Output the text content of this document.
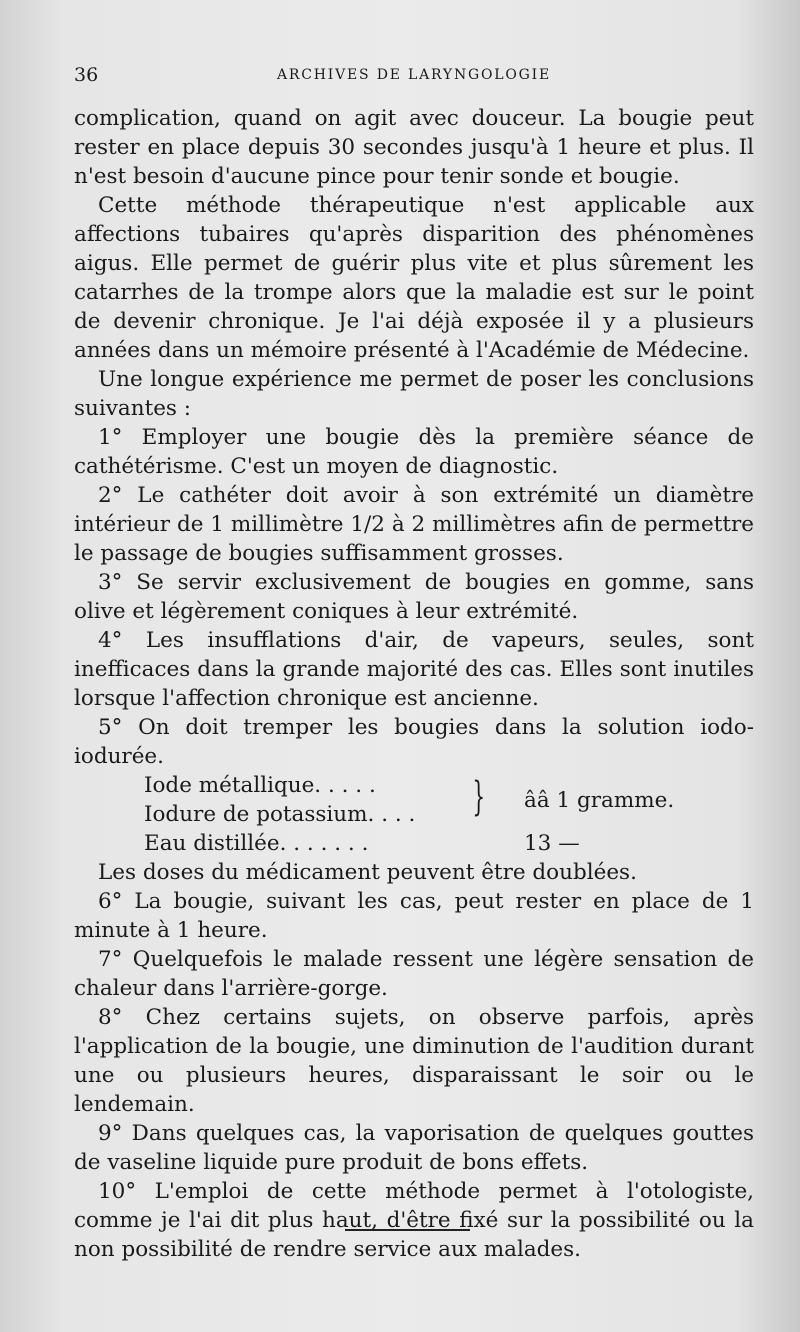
36	ARCHIVES DE LARYNGOLOGIE

complication, quand on agit avec douceur. La bougie peut rester en place depuis 30 secondes jusqu'à 1 heure et plus. Il n'est besoin d'aucune pince pour tenir sonde et bougie.

Cette méthode thérapeutique n'est applicable aux affections tubaires qu'après disparition des phénomènes aigus. Elle permet de guérir plus vite et plus sûrement les catarrhes de la trompe alors que la maladie est sur le point de devenir chronique. Je l'ai déjà exposée il y a plusieurs années dans un mémoire présenté à l'Académie de Médecine.

Une longue expérience me permet de poser les conclusions suivantes :

1° Employer une bougie dès la première séance de cathétérisme. C'est un moyen de diagnostic.

2° Le cathéter doit avoir à son extrémité un diamètre intérieur de 1 millimètre 1/2 à 2 millimètres afin de permettre le passage de bougies suffisamment grosses.

3° Se servir exclusivement de bougies en gomme, sans olive et légèrement coniques à leur extrémité.

4° Les insufflations d'air, de vapeurs, seules, sont inefficaces dans la grande majorité des cas. Elles sont inutiles lorsque l'affection chronique est ancienne.

5° On doit tremper les bougies dans la solution iodo-iodurée.

Iode métallique. . . . .
Iodure de potassium. . . . } ââ 1 gramme.
Eau distillée. . . . . . .	13 —

Les doses du médicament peuvent être doublées.

6° La bougie, suivant les cas, peut rester en place de 1 minute à 1 heure.

7° Quelquefois le malade ressent une légère sensation de chaleur dans l'arrière-gorge.

8° Chez certains sujets, on observe parfois, après l'application de la bougie, une diminution de l'audition durant une ou plusieurs heures, disparaissant le soir ou le lendemain.

9° Dans quelques cas, la vaporisation de quelques gouttes de vaseline liquide pure produit de bons effets.

10° L'emploi de cette méthode permet à l'otologiste, comme je l'ai dit plus haut, d'être fixé sur la possibilité ou la non possibilité de rendre service aux malades.
